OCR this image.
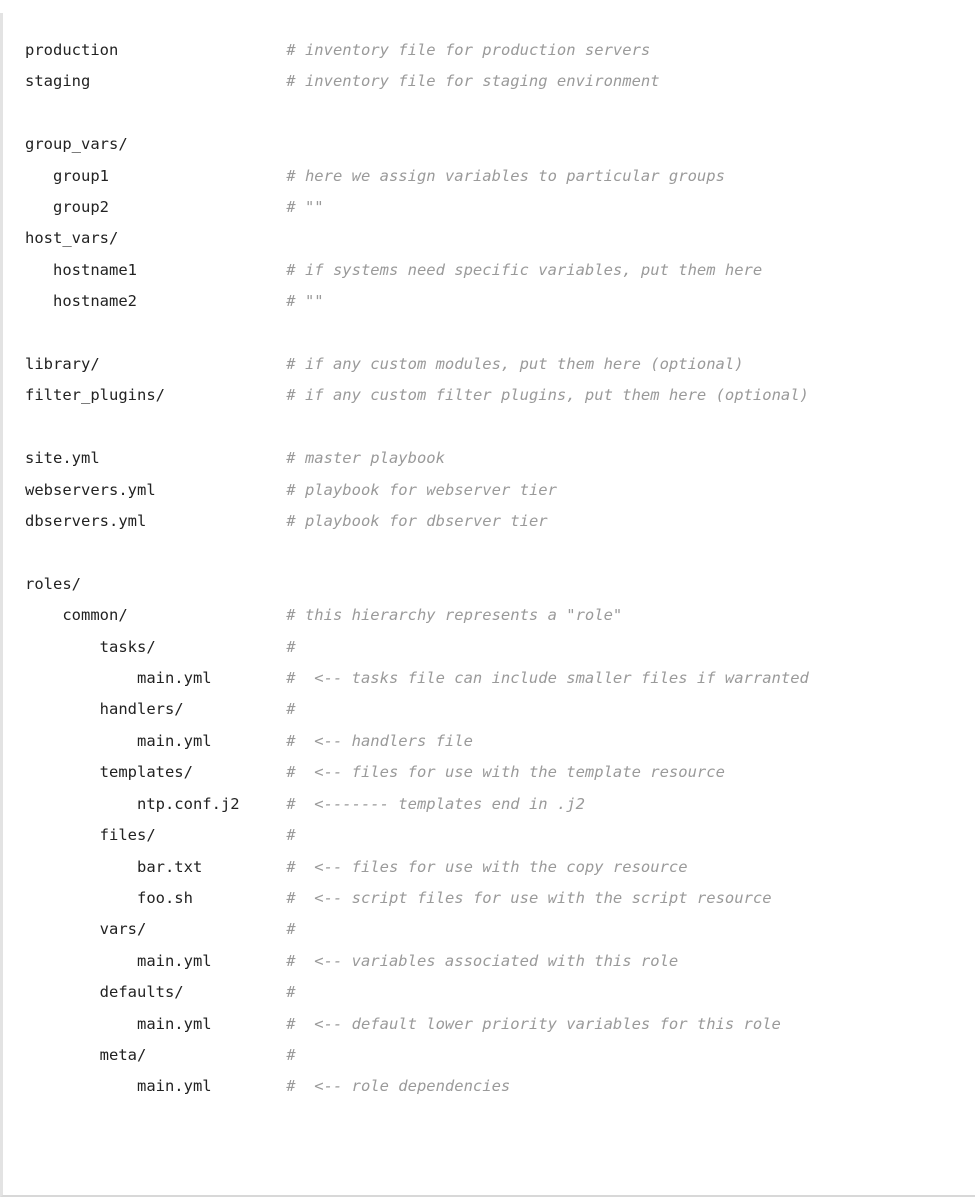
production	# inventory file for production servers
staging	# inventory file for staging environment
group_vars/
group1	# here we assign variables to particular groups
group2	# ""
host_vars/
hostname1	# if systems need specific variables, put them here
hostname2	# ""
library/	# if any custom modules, put them here (optional)
filter_plugins/	# if any custom filter plugins, put them here (optional)
site.yml	# master playbook
webservers.yml	# playbook for webserver tier
dbservers.yml	# playbook for dbserver tier
roles/
common/	# this hierarchy represents a "role"
tasks/	#
main.yml	#  <-- tasks file can include smaller files if warranted
handlers/	#
main.yml	#  <-- handlers file
templates/	#  <-- files for use with the template resource
ntp.conf.j2	#  <------- templates end in .j2
files/	#
bar.txt	#  <-- files for use with the copy resource
foo.sh	#  <-- script files for use with the script resource
vars/	#
main.yml	#  <-- variables associated with this role
defaults/	#
main.yml	#  <-- default lower priority variables for this role
meta/	#
main.yml	#  <-- role dependencies
